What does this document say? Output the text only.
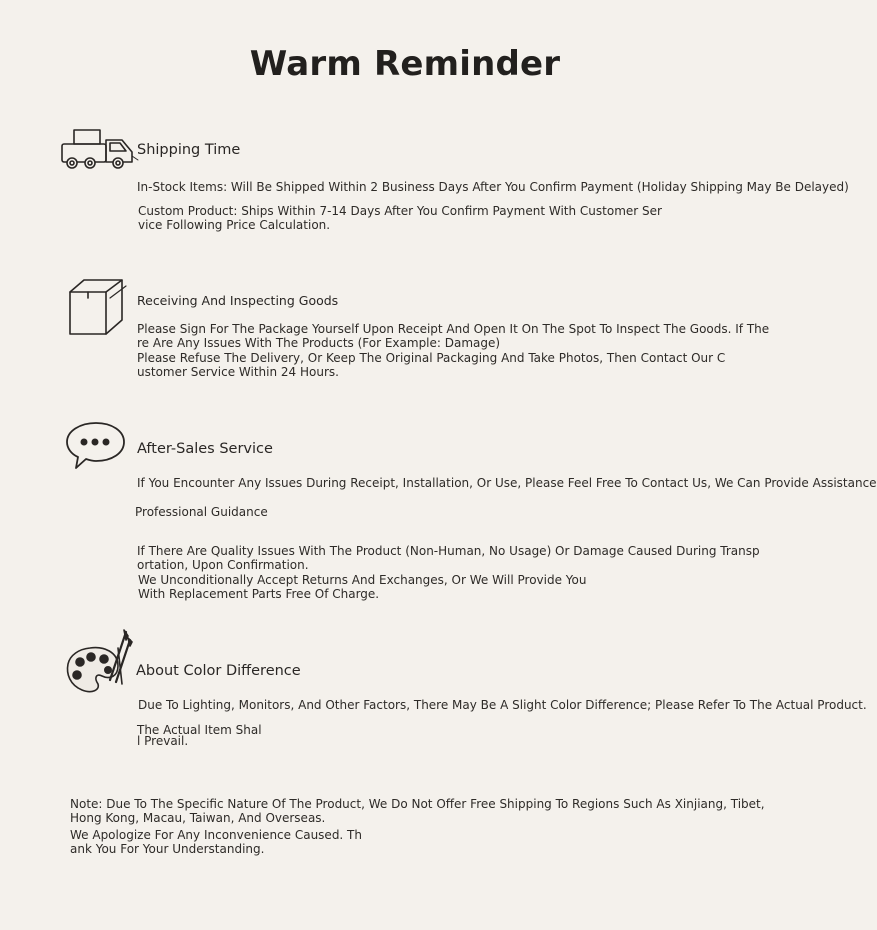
Warm Reminder
Shipping Time
In-Stock Items: Will Be Shipped Within 2 Business Days After You Confirm Payment (Holiday Shipping May Be Delayed)
Custom Product: Ships Within 7-14 Days After You Confirm Payment With Customer Ser
vice Following Price Calculation.
Receiving And Inspecting Goods
Please Sign For The Package Yourself Upon Receipt And Open It On The Spot To Inspect The Goods. If The
re Are Any Issues With The Products (For Example: Damage)
Please Refuse The Delivery, Or Keep The Original Packaging And Take Photos, Then Contact Our C
ustomer Service Within 24 Hours.
After-Sales Service
If You Encounter Any Issues During Receipt, Installation, Or Use, Please Feel Free To Contact Us, We Can Provide Assistance
Professional Guidance
If There Are Quality Issues With The Product (Non-Human, No Usage) Or Damage Caused During Transp
ortation, Upon Confirmation.
We Unconditionally Accept Returns And Exchanges, Or We Will Provide You
With Replacement Parts Free Of Charge.
About Color Difference
Due To Lighting, Monitors, And Other Factors, There May Be A Slight Color Difference; Please Refer To The Actual Product.
The Actual Item Shal
l Prevail.
Note: Due To The Specific Nature Of The Product, We Do Not Offer Free Shipping To Regions Such As Xinjiang, Tibet,
Hong Kong, Macau, Taiwan, And Overseas.
We Apologize For Any Inconvenience Caused. Th
ank You For Your Understanding.
